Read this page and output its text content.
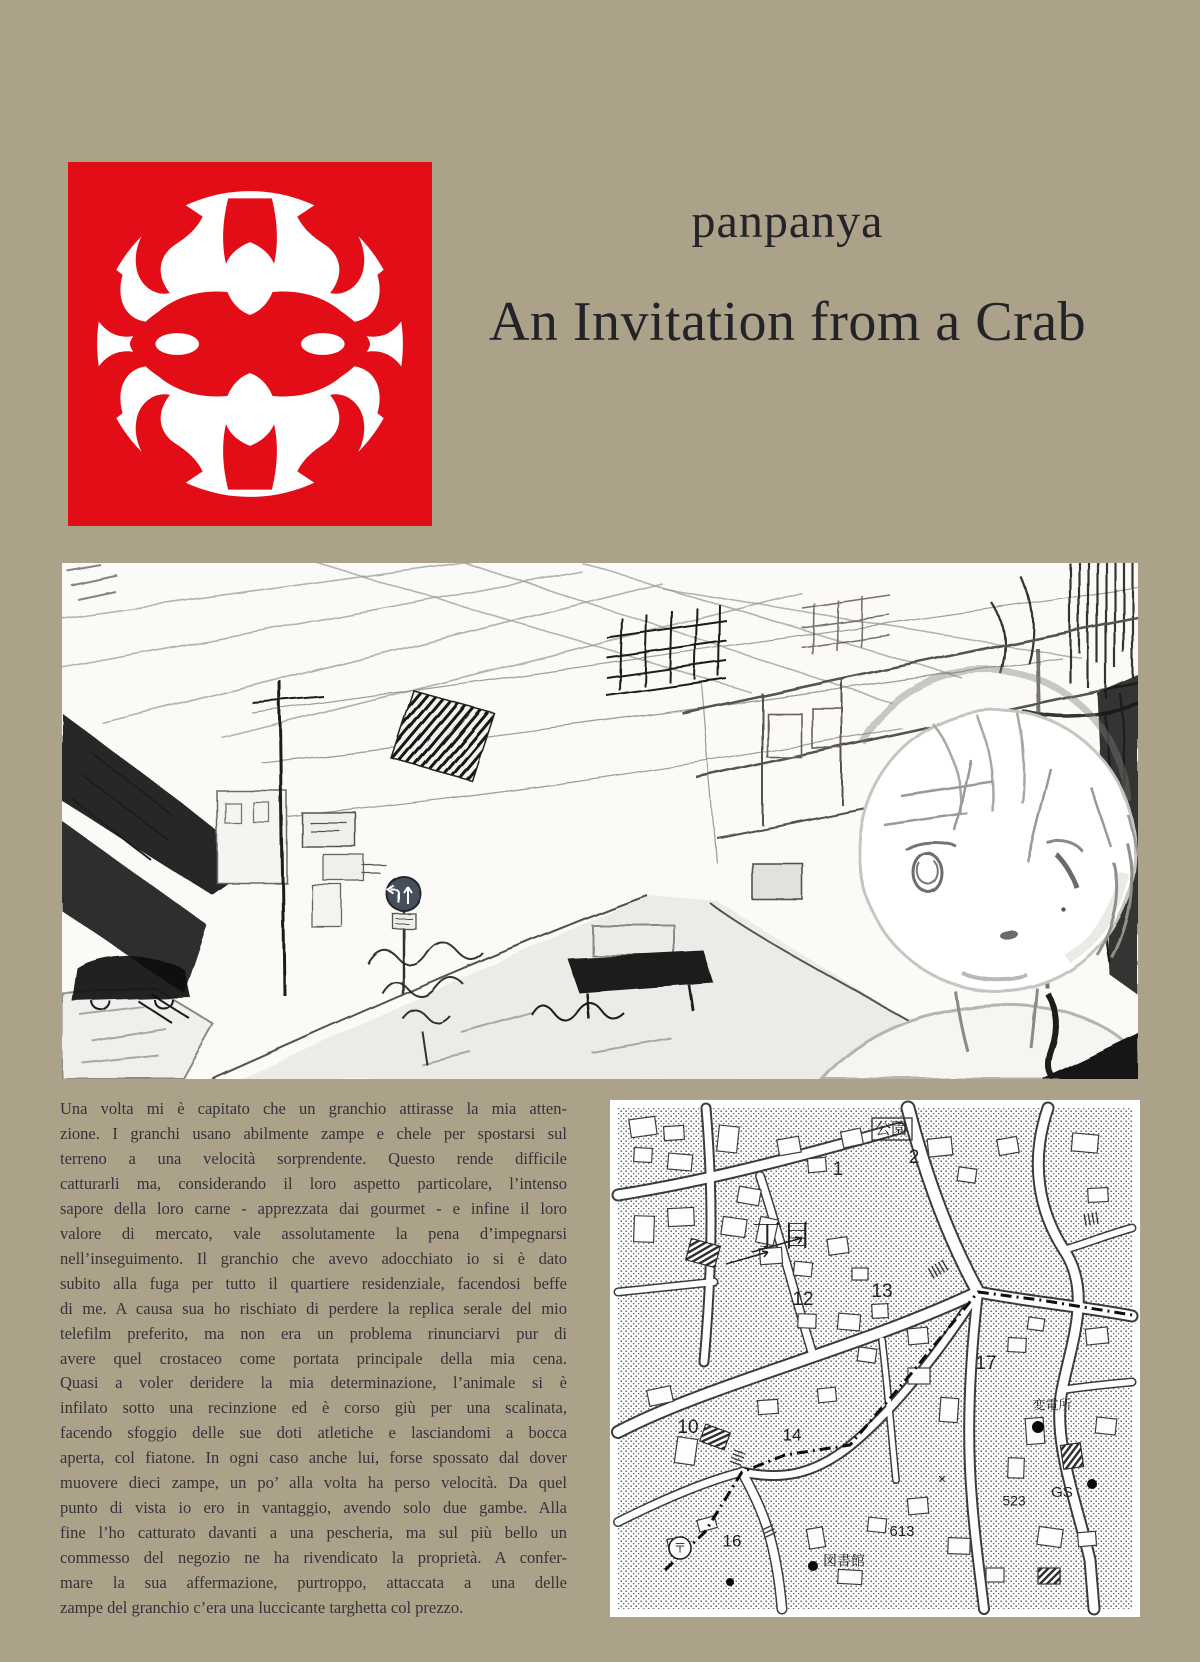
panpanya
An Invitation from a Crab
Una volta mi è capitato che un granchio attirasse la mia atten-
zione. I granchi usano abilmente zampe e chele per spostarsi sul
terreno a una velocità sorprendente. Questo rende difficile
catturarli ma, considerando il loro aspetto particolare, l’intenso
sapore della loro carne - apprezzata dai gourmet - e infine il loro
valore di mercato, vale assolutamente la pena d’impegnarsi
nell’inseguimento. Il granchio che avevo adocchiato io si è dato
subito alla fuga per tutto il quartiere residenziale, facendosi beffe
di me. A causa sua ho rischiato di perdere la replica serale del mio
telefilm preferito, ma non era un problema rinunciarvi pur di
avere quel crostaceo come portata principale della mia cena.
Quasi a voler deridere la mia determinazione, l’animale si è
infilato sotto una recinzione ed è corso giù per una scalinata,
facendo sfoggio delle sue doti atletiche e lasciandomi a bocca
aperta, col fiatone. In ogni caso anche lui, forse spossato dal dover
muovere dieci zampe, un po’ alla volta ha perso velocità. Da quel
punto di vista io ero in vantaggio, avendo solo due gambe. Alla
fine l’ho catturato davanti a una pescheria, ma sul più bello un
commesso del negozio ne ha rivendicato la proprietà. A confer-
mare la sua affermazione, purtroppo, attaccata a una delle
zampe del granchio c’era una luccicante targhetta col prezzo.
公園
2
1
丁目
12	13
17
10	14
16
〒
図書館
613
523 GS
×
変電所
